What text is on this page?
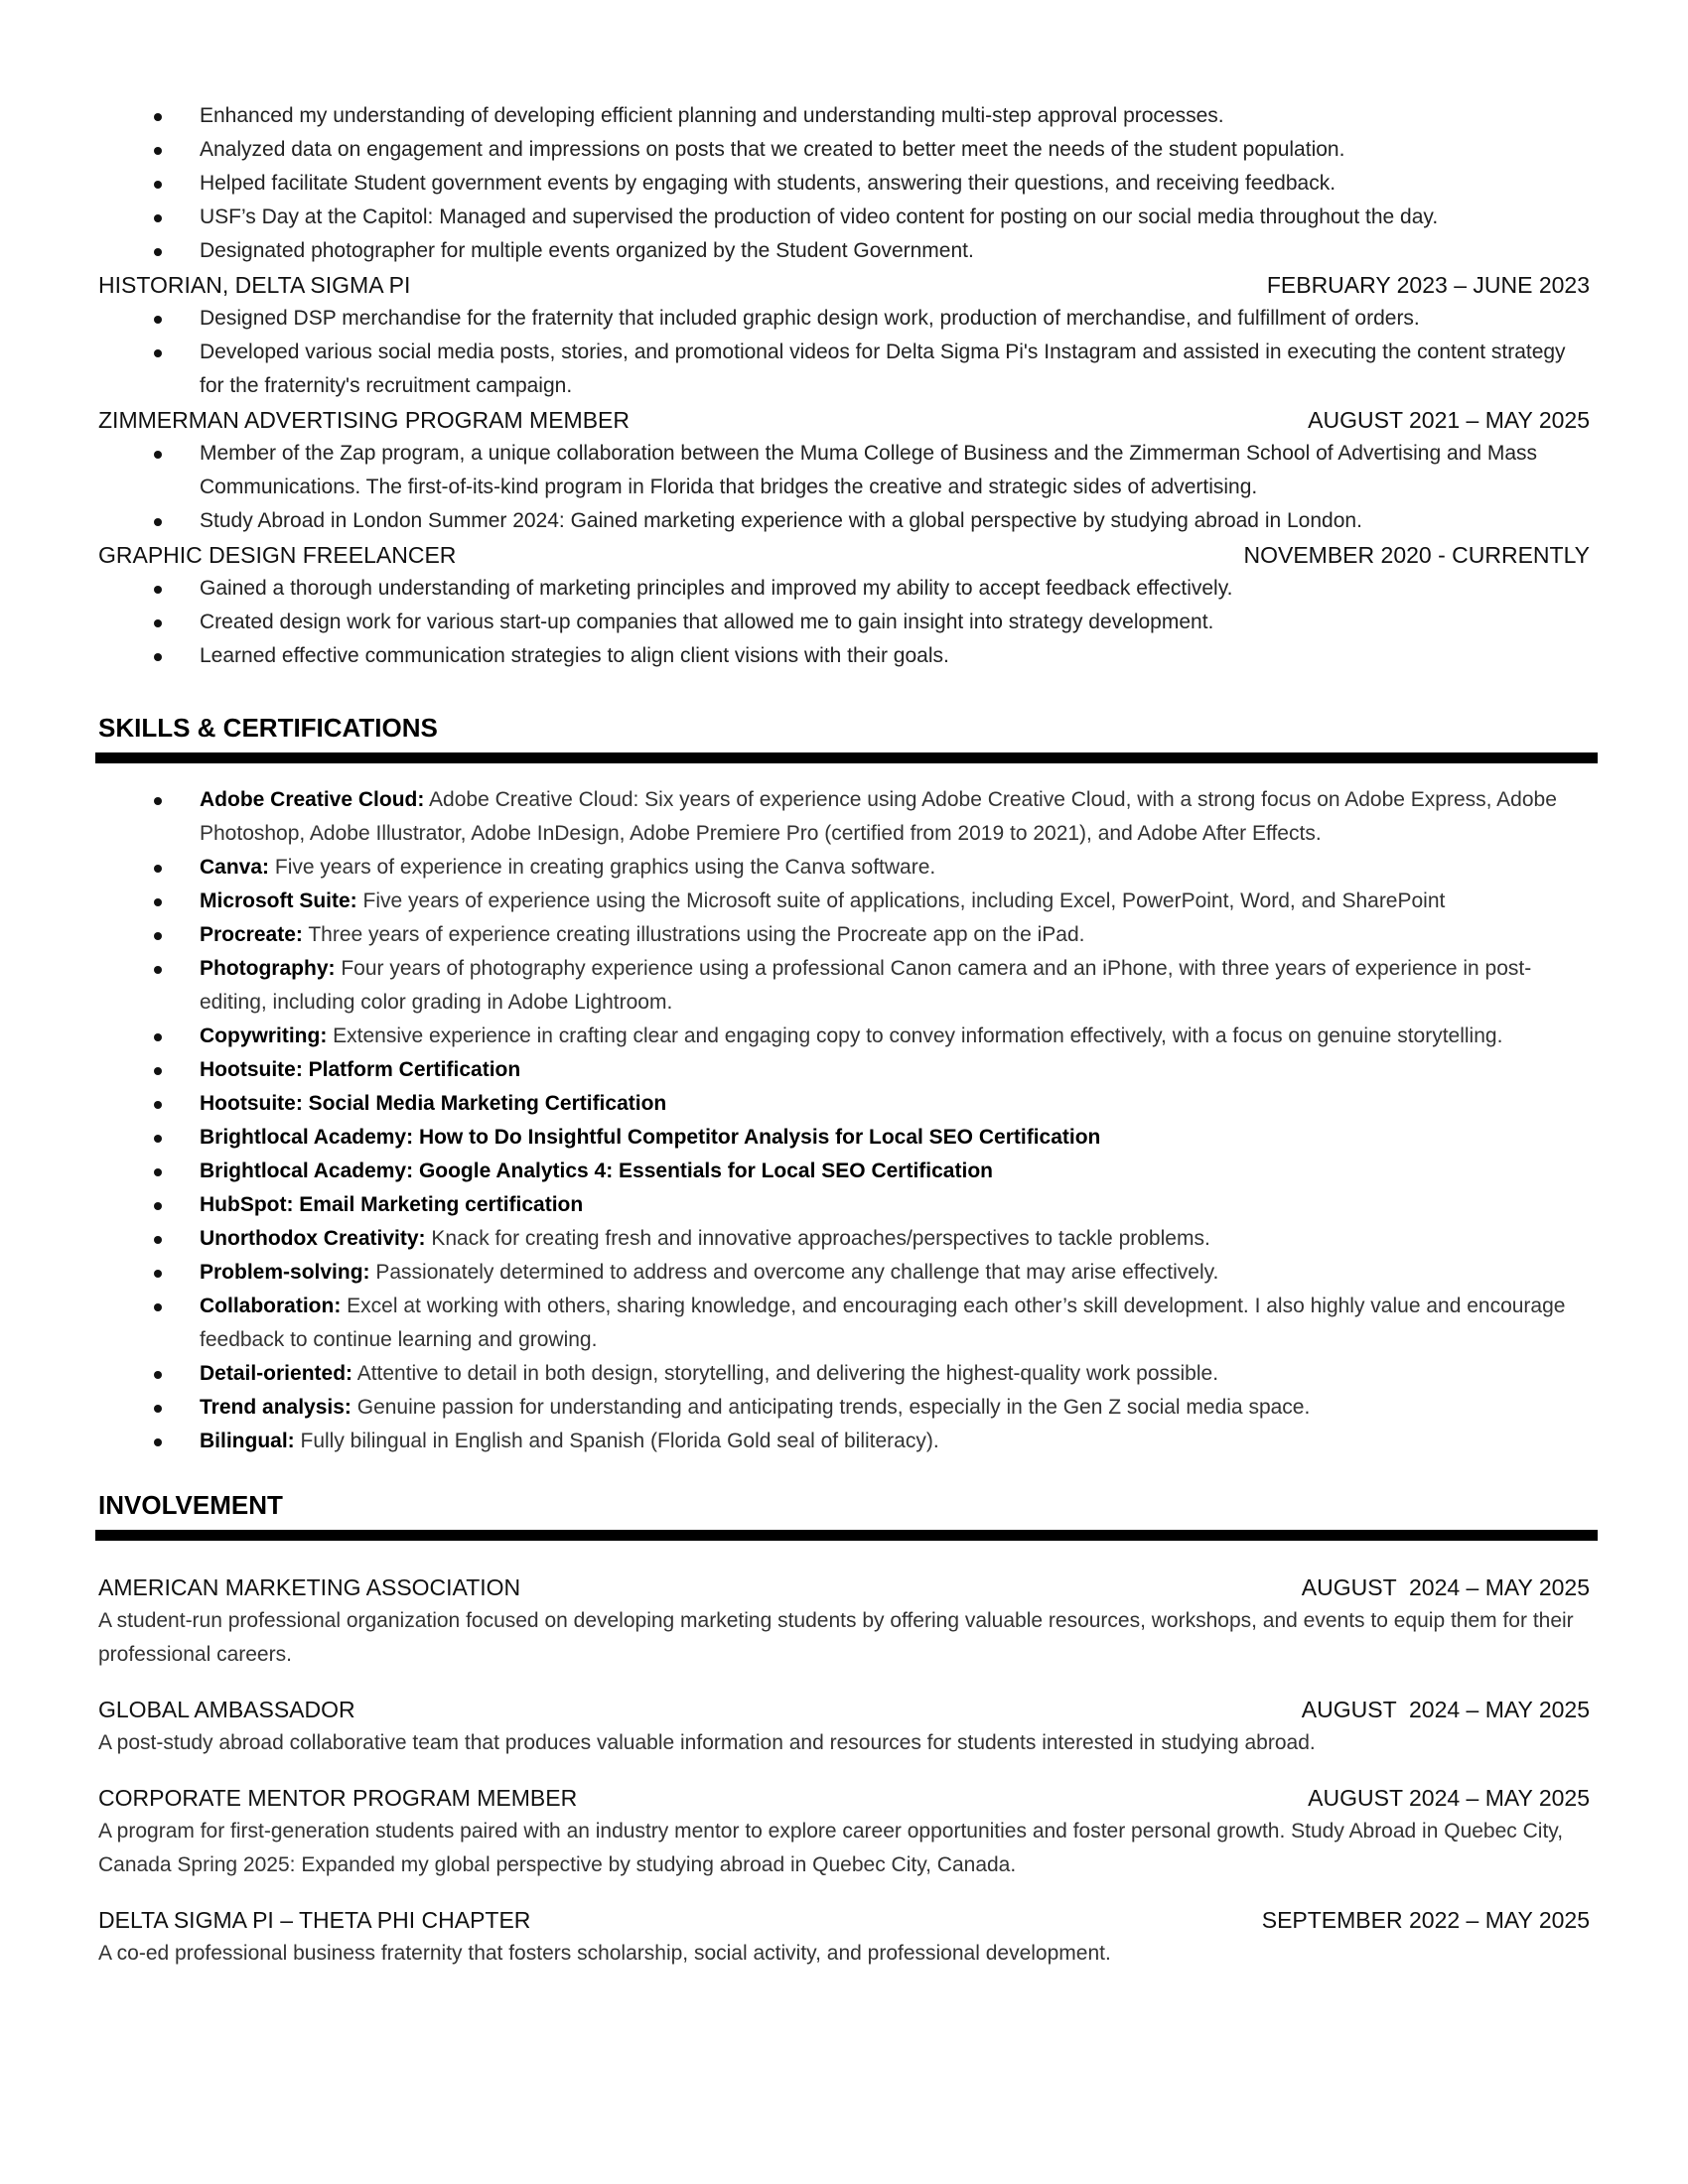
Enhanced my understanding of developing efficient planning and understanding multi-step approval processes.
Analyzed data on engagement and impressions on posts that we created to better meet the needs of the student population.
Helped facilitate Student government events by engaging with students, answering their questions, and receiving feedback.
USF’s Day at the Capitol: Managed and supervised the production of video content for posting on our social media throughout the day.
Designated photographer for multiple events organized by the Student Government.
HISTORIAN, DELTA SIGMA PI	FEBRUARY 2023 – JUNE 2023
Designed DSP merchandise for the fraternity that included graphic design work, production of merchandise, and fulfillment of orders.
Developed various social media posts, stories, and promotional videos for Delta Sigma Pi's Instagram and assisted in executing the content strategy for the fraternity's recruitment campaign.
ZIMMERMAN ADVERTISING PROGRAM MEMBER	AUGUST 2021 – MAY 2025
Member of the Zap program, a unique collaboration between the Muma College of Business and the Zimmerman School of Advertising and Mass Communications. The first-of-its-kind program in Florida that bridges the creative and strategic sides of advertising.
Study Abroad in London Summer 2024: Gained marketing experience with a global perspective by studying abroad in London.
GRAPHIC DESIGN FREELANCER	NOVEMBER 2020 - CURRENTLY
Gained a thorough understanding of marketing principles and improved my ability to accept feedback effectively.
Created design work for various start-up companies that allowed me to gain insight into strategy development.
Learned effective communication strategies to align client visions with their goals.
SKILLS & CERTIFICATIONS
Adobe Creative Cloud: Adobe Creative Cloud: Six years of experience using Adobe Creative Cloud, with a strong focus on Adobe Express, Adobe Photoshop, Adobe Illustrator, Adobe InDesign, Adobe Premiere Pro (certified from 2019 to 2021), and Adobe After Effects.
Canva: Five years of experience in creating graphics using the Canva software.
Microsoft Suite: Five years of experience using the Microsoft suite of applications, including Excel, PowerPoint, Word, and SharePoint
Procreate: Three years of experience creating illustrations using the Procreate app on the iPad.
Photography: Four years of photography experience using a professional Canon camera and an iPhone, with three years of experience in post-editing, including color grading in Adobe Lightroom.
Copywriting: Extensive experience in crafting clear and engaging copy to convey information effectively, with a focus on genuine storytelling.
Hootsuite: Platform Certification
Hootsuite: Social Media Marketing Certification
Brightlocal Academy: How to Do Insightful Competitor Analysis for Local SEO Certification
Brightlocal Academy: Google Analytics 4: Essentials for Local SEO Certification
HubSpot: Email Marketing certification
Unorthodox Creativity: Knack for creating fresh and innovative approaches/perspectives to tackle problems.
Problem-solving: Passionately determined to address and overcome any challenge that may arise effectively.
Collaboration: Excel at working with others, sharing knowledge, and encouraging each other’s skill development. I also highly value and encourage feedback to continue learning and growing.
Detail-oriented: Attentive to detail in both design, storytelling, and delivering the highest-quality work possible.
Trend analysis: Genuine passion for understanding and anticipating trends, especially in the Gen Z social media space.
Bilingual: Fully bilingual in English and Spanish (Florida Gold seal of biliteracy).
INVOLVEMENT
AMERICAN MARKETING ASSOCIATION	AUGUST  2024 – MAY 2025
A student-run professional organization focused on developing marketing students by offering valuable resources, workshops, and events to equip them for their professional careers.
GLOBAL AMBASSADOR	AUGUST  2024 – MAY 2025
A post-study abroad collaborative team that produces valuable information and resources for students interested in studying abroad.
CORPORATE MENTOR PROGRAM MEMBER	AUGUST 2024 – MAY 2025
A program for first-generation students paired with an industry mentor to explore career opportunities and foster personal growth. Study Abroad in Quebec City, Canada Spring 2025: Expanded my global perspective by studying abroad in Quebec City, Canada.
DELTA SIGMA PI – THETA PHI CHAPTER	SEPTEMBER 2022 – MAY 2025
A co-ed professional business fraternity that fosters scholarship, social activity, and professional development.
